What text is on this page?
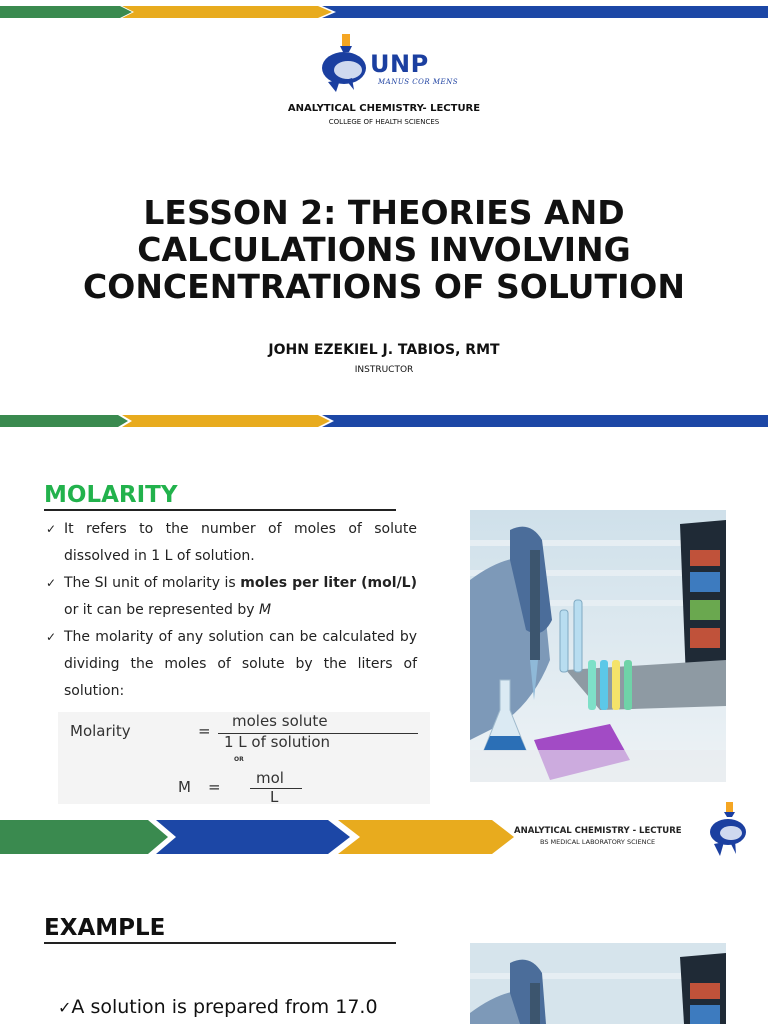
UNP
MANUS COR MENS
ANALYTICAL CHEMISTRY- LECTURE
COLLEGE OF HEALTH SCIENCES
LESSON 2: THEORIES AND
CALCULATIONS INVOLVING
CONCENTRATIONS OF SOLUTION
JOHN EZEKIEL J. TABIOS, RMT
INSTRUCTOR
MOLARITY
✓ It refers to the number of moles of solute dissolved in 1 L of solution.
✓ The SI unit of molarity is moles per liter (mol/L) or it can be represented by M
✓ The molarity of any solution can be calculated by dividing the moles of solute by the liters of solution:
Molarity	=
moles solute
1 L of solution
OR
M = mol
L
ANALYTICAL CHEMISTRY - LECTURE
BS MEDICAL LABORATORY SCIENCE
EXAMPLE
✓A solution is prepared from 17.0
